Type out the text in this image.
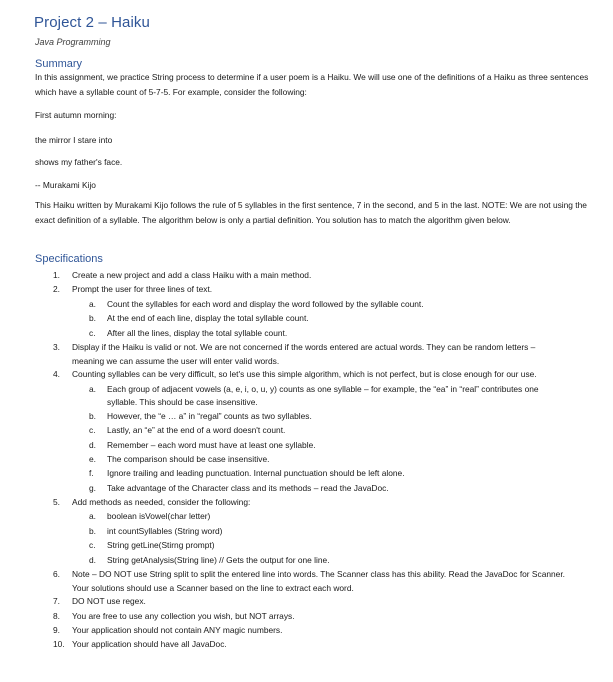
Project 2 – Haiku
Java Programming
Summary
In this assignment, we practice String process to determine if a user poem is a Haiku. We will use one of the definitions of a Haiku as three sentences which have a syllable count of 5-7-5. For example, consider the following:
First autumn morning:
the mirror I stare into
shows my father's face.
-- Murakami Kijo
This Haiku written by Murakami Kijo follows the rule of 5 syllables in the first sentence, 7 in the second, and 5 in the last. NOTE: We are not using the exact definition of a syllable. The algorithm below is only a partial definition. You solution has to match the algorithm given below.
Specifications
1.	Create a new project and add a class Haiku with a main method.
2.	Prompt the user for three lines of text.
a.	Count the syllables for each word and display the word followed by the syllable count.
b.	At the end of each line, display the total syllable count.
c.	After all the lines, display the total syllable count.
3.	Display if the Haiku is valid or not. We are not concerned if the words entered are actual words. They can be random letters – meaning we can assume the user will enter valid words.
4.	Counting syllables can be very difficult, so let's use this simple algorithm, which is not perfect, but is close enough for our use.
a.	Each group of adjacent vowels (a, e, i, o, u, y) counts as one syllable – for example, the “ea” in “real” contributes one syllable. This should be case insensitive.
b.	However, the “e … a” in “regal” counts as two syllables.
c.	Lastly, an “e” at the end of a word doesn't count.
d.	Remember – each word must have at least one syllable.
e.	The comparison should be case insensitive.
f.	Ignore trailing and leading punctuation. Internal punctuation should be left alone.
g.	Take advantage of the Character class and its methods – read the JavaDoc.
5.	Add methods as needed, consider the following:
a.	boolean isVowel(char letter)
b.	int countSyllables (String word)
c.	String getLine(Stirng prompt)
d.	String getAnalysis(String line) // Gets the output for one line.
6.	Note – DO NOT use String split to split the entered line into words. The Scanner class has this ability. Read the JavaDoc for Scanner. Your solutions should use a Scanner based on the line to extract each word.
7.	DO NOT use regex.
8.	You are free to use any collection you wish, but NOT arrays.
9.	Your application should not contain ANY magic numbers.
10. Your application should have all JavaDoc.
